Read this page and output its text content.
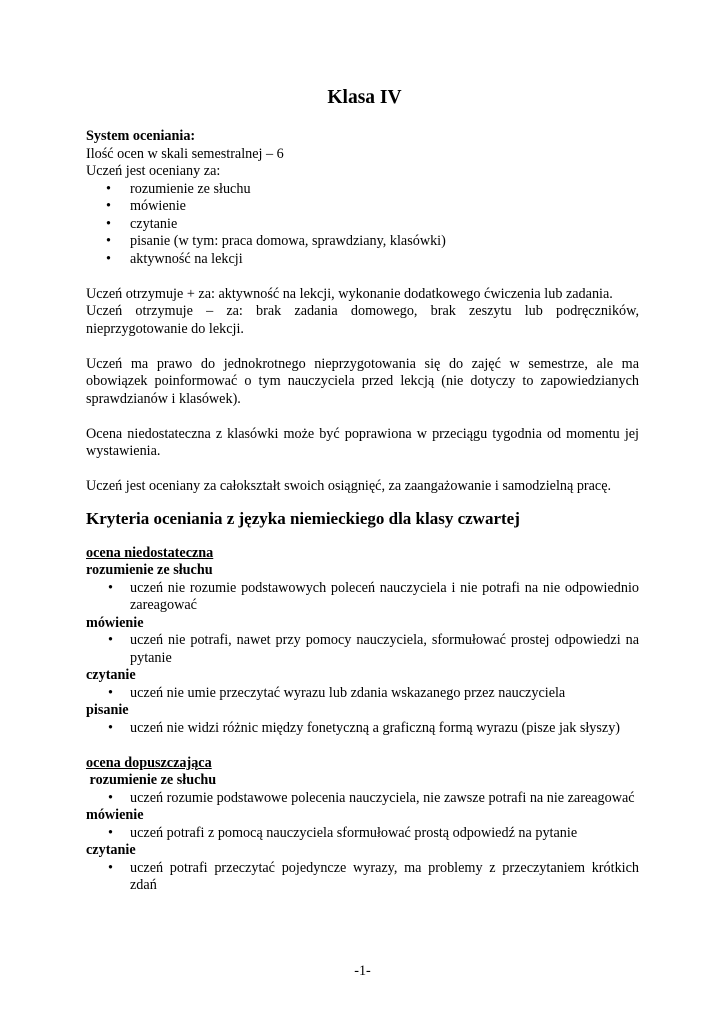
Klasa IV

System oceniania:

Ilość ocen w skali semestralnej – 6

Uczeń jest oceniany za:

• rozumienie ze słuchu
• mówienie
• czytanie
• pisanie (w tym: praca domowa, sprawdziany, klasówki)
• aktywność na lekcji

Uczeń otrzymuje + za: aktywność na lekcji, wykonanie dodatkowego ćwiczenia lub zadania.

Uczeń otrzymuje – za: brak zadania domowego, brak zeszytu lub podręczników, nieprzygotowanie do lekcji.

Uczeń ma prawo do jednokrotnego nieprzygotowania się do zajęć w semestrze, ale ma obowiązek poinformować o tym nauczyciela przed lekcją (nie dotyczy to zapowiedzianych sprawdzianów i klasówek).

Ocena niedostateczna z klasówki może być poprawiona w przeciągu tygodnia od momentu jej wystawienia.

Uczeń jest oceniany za całokształt swoich osiągnięć, za zaangażowanie i samodzielną pracę.

Kryteria oceniania z języka niemieckiego dla klasy czwartej

ocena niedostateczna

rozumienie ze słuchu

• uczeń nie rozumie podstawowych poleceń nauczyciela i nie potrafi na nie odpowiednio zareagować

mówienie

• uczeń nie potrafi, nawet przy pomocy nauczyciela, sformułować prostej odpowiedzi na pytanie

czytanie

• uczeń nie umie przeczytać wyrazu lub zdania wskazanego przez nauczyciela

pisanie

• uczeń nie widzi różnic między fonetyczną a graficzną formą wyrazu (pisze jak słyszy)

ocena dopuszczająca

rozumienie ze słuchu

• uczeń rozumie podstawowe polecenia nauczyciela, nie zawsze potrafi na nie zareagować

mówienie

• uczeń potrafi z pomocą nauczyciela sformułować prostą odpowiedź na pytanie

czytanie

• uczeń potrafi przeczytać pojedyncze wyrazy, ma problemy z przeczytaniem krótkich zdań
-1-
